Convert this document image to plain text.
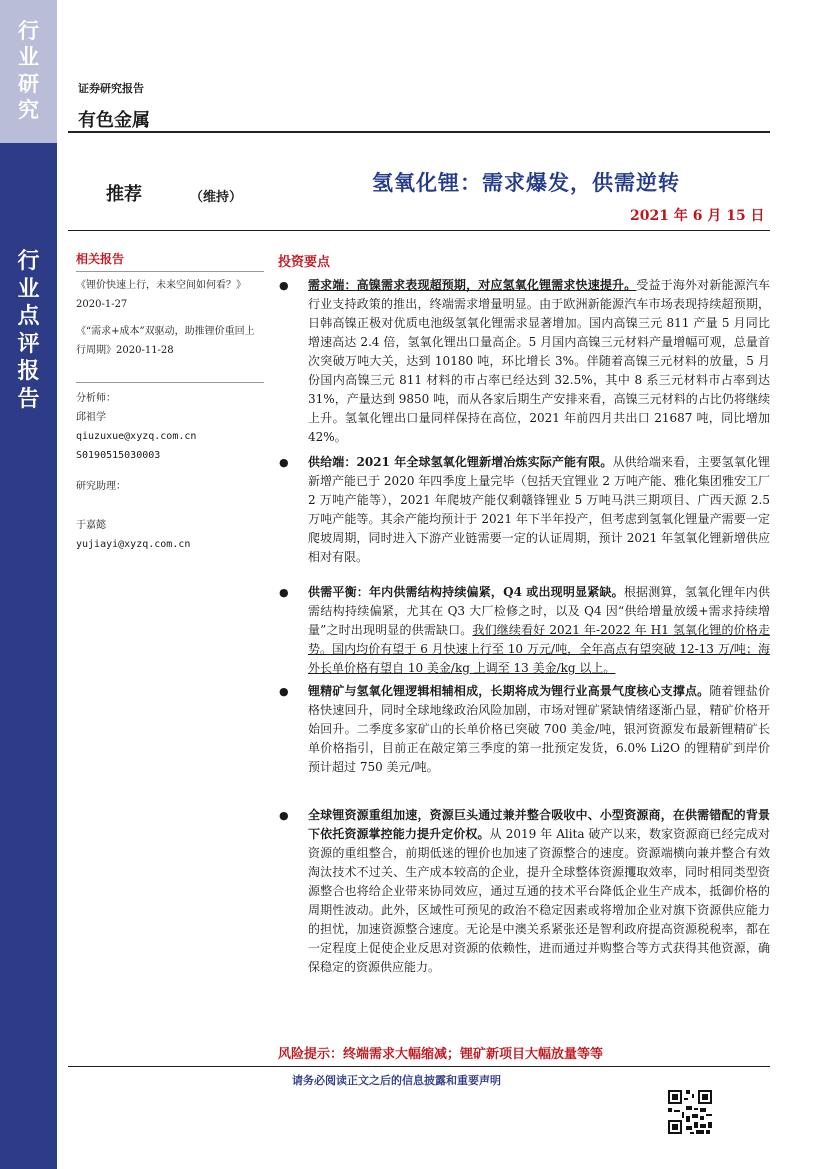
行
业
研
究
行
业
点
评
报
告
证券研究报告
有色金属
推荐	（维持）
氢氧化锂：需求爆发，供需逆转
2021 年 6 月 15 日
相关报告
《锂价快速上行，未来空间如何看？》2020-1-27
《“需求+成本”双驱动，助推锂价重回上行周期》2020-11-28
分析师：
邱祖学
qiuzuxue@xyzq.com.cn
S0190515030003
研究助理：
于嘉懿
yujiayi@xyzq.com.cn
投资要点
● 需求端：高镍需求表现超预期，对应氢氧化锂需求快速提升。受益于海外对新能源汽车行业支持政策的推出，终端需求增量明显。由于欧洲新能源汽车市场表现持续超预期，日韩高镍正极对优质电池级氢氧化锂需求显著增加。国内高镍三元 811 产量 5 月同比增速高达 2.4 倍，氢氧化锂出口量高企。5 月国内高镍三元材料产量增幅可观，总量首次突破万吨大关，达到 10180 吨，环比增长 3%。伴随着高镍三元材料的放量，5 月份国内高镍三元 811 材料的市占率已经达到 32.5%，其中 8 系三元材料市占率到达 31%，产量达到 9850 吨，而从各家后期生产安排来看，高镍三元材料的占比仍将继续上升。氢氧化锂出口量同样保持在高位，2021 年前四月共出口 21687 吨，同比增加 42%。
● 供给端：2021 年全球氢氧化锂新增冶炼实际产能有限。从供给端来看，主要氢氧化锂新增产能已于 2020 年四季度上量完毕（包括天宜锂业 2 万吨产能、雅化集团雅安工厂 2 万吨产能等），2021 年爬坡产能仅剩赣锋锂业 5 万吨马洪三期项目、广西天源 2.5 万吨产能等。其余产能均预计于 2021 年下半年投产，但考虑到氢氧化锂量产需要一定爬坡周期，同时进入下游产业链需要一定的认证周期，预计 2021 年氢氧化锂新增供应相对有限。
● 供需平衡：年内供需结构持续偏紧，Q4 或出现明显紧缺。根据测算，氢氧化锂年内供需结构持续偏紧，尤其在 Q3 大厂检修之时，以及 Q4 因“供给增量放缓+需求持续增量”之时出现明显的供需缺口。我们继续看好 2021 年-2022 年 H1 氢氧化锂的价格走势。国内均价有望于 6 月快速上行至 10 万元/吨，全年高点有望突破 12-13 万/吨；海外长单价格有望自 10 美金/kg 上调至 13 美金/kg 以上。
● 锂精矿与氢氧化锂逻辑相辅相成，长期将成为锂行业高景气度核心支撑点。随着锂盐价格快速回升，同时全球地缘政治风险加剧，市场对锂矿紧缺情绪逐渐凸显，精矿价格开始回升。二季度多家矿山的长单价格已突破 700 美金/吨，银河资源发布最新锂精矿长单价格指引，目前正在敲定第三季度的第一批预定发货，6.0% Li2O 的锂精矿到岸价预计超过 750 美元/吨。
● 全球锂资源重组加速，资源巨头通过兼并整合吸收中、小型资源商，在供需错配的背景下依托资源掌控能力提升定价权。从 2019 年 Alita 破产以来，数家资源商已经完成对资源的重组整合，前期低迷的锂价也加速了资源整合的速度。资源端横向兼并整合有效淘汰技术不过关、生产成本较高的企业，提升全球整体资源攫取效率，同时相同类型资源整合也将给企业带来协同效应，通过互通的技术平台降低企业生产成本，抵御价格的周期性波动。此外，区域性可预见的政治不稳定因素或将增加企业对旗下资源供应能力的担忧，加速资源整合速度。无论是中澳关系紧张还是智利政府提高资源税税率，都在一定程度上促使企业反思对资源的依赖性，进而通过并购整合等方式获得其他资源，确保稳定的资源供应能力。
风险提示：终端需求大幅缩减；锂矿新项目大幅放量等等
请务必阅读正文之后的信息披露和重要声明
